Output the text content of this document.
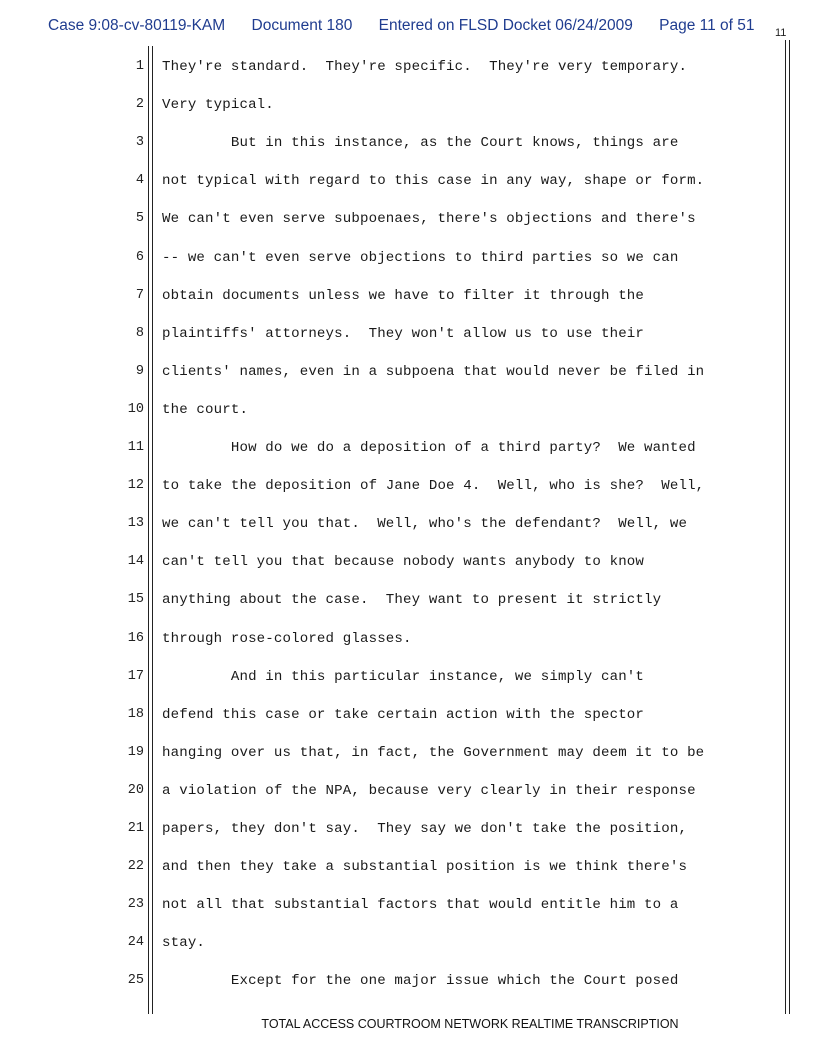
Case 9:08-cv-80119-KAM Document 180 Entered on FLSD Docket 06/24/2009 Page 11 of 51 11
1 They're standard.  They're specific.  They're very temporary.
2 Very typical.
3 But in this instance, as the Court knows, things are
4 not typical with regard to this case in any way, shape or form.
5 We can't even serve subpoenaes, there's objections and there's
6 -- we can't even serve objections to third parties so we can
7 obtain documents unless we have to filter it through the
8 plaintiffs' attorneys.  They won't allow us to use their
9 clients' names, even in a subpoena that would never be filed in
10 the court.
11 How do we do a deposition of a third party?  We wanted
12 to take the deposition of Jane Doe 4.  Well, who is she?  Well,
13 we can't tell you that.  Well, who's the defendant?  Well, we
14 can't tell you that because nobody wants anybody to know
15 anything about the case.  They want to present it strictly
16 through rose-colored glasses.
17 And in this particular instance, we simply can't
18 defend this case or take certain action with the spector
19 hanging over us that, in fact, the Government may deem it to be
20 a violation of the NPA, because very clearly in their response
21 papers, they don't say.  They say we don't take the position,
22 and then they take a substantial position is we think there's
23 not all that substantial factors that would entitle him to a
24 stay.
25 Except for the one major issue which the Court posed
TOTAL ACCESS COURTROOM NETWORK REALTIME TRANSCRIPTION
